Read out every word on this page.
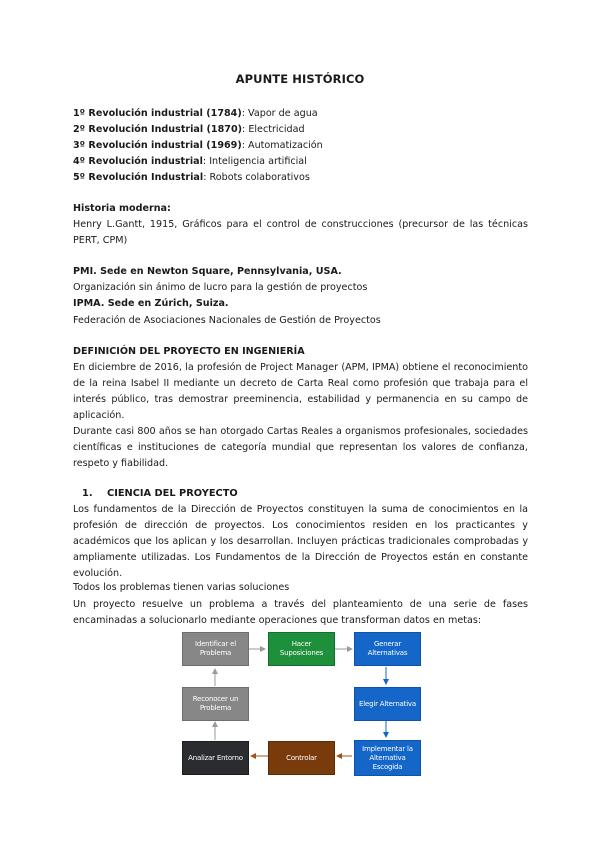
APUNTE HISTÓRICO
1º Revolución industrial (1784): Vapor de agua
2º Revolución Industrial (1870): Electricidad
3º Revolución industrial (1969): Automatización
4º Revolución industrial: Inteligencia artificial
5º Revolución Industrial: Robots colaborativos
Historia moderna:
Henry L.Gantt, 1915, Gráficos para el control de construcciones (precursor de las técnicas PERT, CPM)
PMI. Sede en Newton Square, Pennsylvania, USA.
Organización sin ánimo de lucro para la gestión de proyectos
IPMA. Sede en Zúrich, Suiza.
Federación de Asociaciones Nacionales de Gestión de Proyectos
DEFINICIÓN DEL PROYECTO EN INGENIERÍA
En diciembre de 2016, la profesión de Project Manager (APM, IPMA) obtiene el reconocimiento de la reina Isabel II mediante un decreto de Carta Real como profesión que trabaja para el interés público, tras demostrar preeminencia, estabilidad y permanencia en su campo de aplicación.
Durante casi 800 años se han otorgado Cartas Reales a organismos profesionales, sociedades científicas e instituciones de categoría mundial que representan los valores de confianza, respeto y fiabilidad.
1. CIENCIA DEL PROYECTO
Los fundamentos de la Dirección de Proyectos constituyen la suma de conocimientos en la profesión de dirección de proyectos. Los conocimientos residen en los practicantes y académicos que los aplican y los desarrollan. Incluyen prácticas tradicionales comprobadas y ampliamente utilizadas. Los Fundamentos de la Dirección de Proyectos están en constante evolución.
Todos los problemas tienen varias soluciones
Un proyecto resuelve un problema a través del planteamiento de una serie de fases encaminadas a solucionarlo mediante operaciones que transforman datos en metas:
Identificar el Problema
Hacer Suposiciones
Generar Alternativas
Reconocer un Problema
Elegir Alternativa
Analizar Entorno	Controlar
Implementar la Alternativa Escogida
